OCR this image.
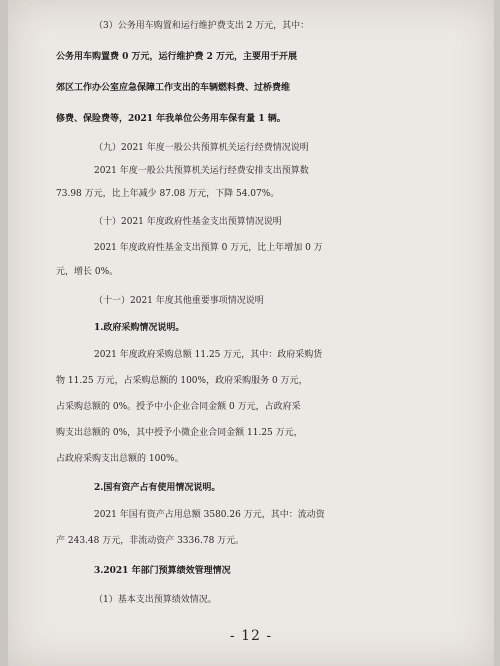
（3）公务用车购置和运行维护费支出 2 万元，其中：
公务用车购置费 0 万元，运行维护费 2 万元，主要用于开展
郊区工作办公室应急保障工作支出的车辆燃料费、过桥费维
修费、保险费等，2021 年我单位公务用车保有量 1 辆。
（九）2021 年度一般公共预算机关运行经费情况说明
2021 年度一般公共预算机关运行经费安排支出预算数
73.98 万元，比上年减少 87.08 万元，下降 54.07%。
（十）2021 年度政府性基金支出预算情况说明
2021 年度政府性基金支出预算 0 万元，比上年增加 0 万
元，增长 0%。
（十一）2021 年度其他重要事项情况说明
1.政府采购情况说明。
2021 年度政府采购总额 11.25 万元，其中：政府采购货
物 11.25 万元，占采购总额的 100%，政府采购服务 0 万元，
占采购总额的 0%。授予中小企业合同金额 0 万元，占政府采
购支出总额的 0%，其中授予小微企业合同金额 11.25 万元，
占政府采购支出总额的 100%。
2.国有资产占有使用情况说明。
2021 年国有资产占用总额 3580.26 万元，其中：流动资
产 243.48 万元，非流动资产 3336.78 万元。
3.2021 年部门预算绩效管理情况
（1）基本支出预算绩效情况。
- 12 -
